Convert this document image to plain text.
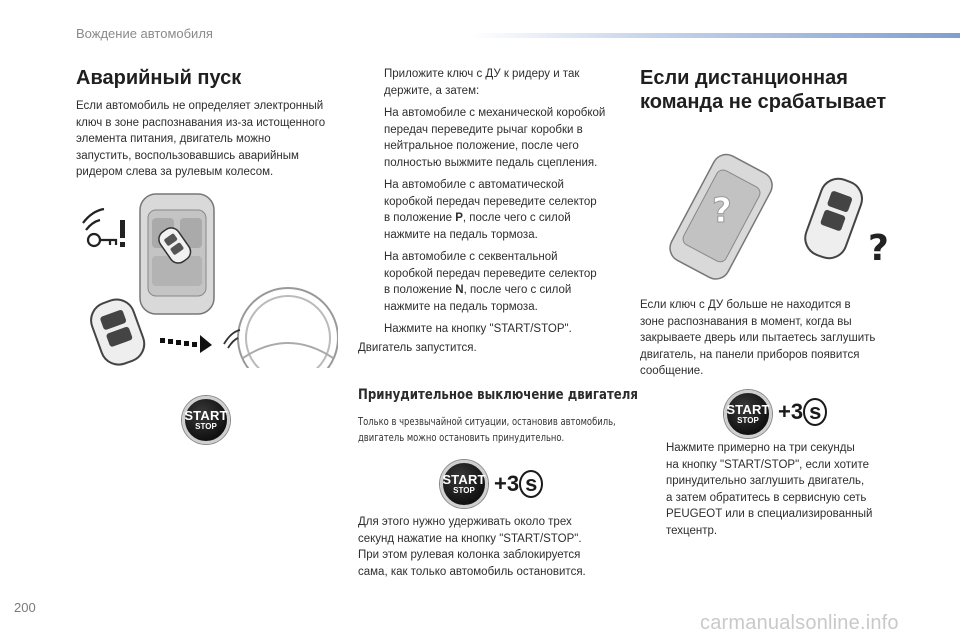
Вождение автомобиля
Аварийный пуск
Если автомобиль не определяет электронный
ключ в зоне распознавания из-за истощенного
элемента питания, двигатель можно
запустить, воспользовавшись аварийным
ридером слева за рулевым колесом.
START
STOP
Приложите ключ с ДУ к ридеру и так
держите, а затем:
На автомобиле с механической коробкой
передач переведите рычаг коробки в
нейтральное положение, после чего
полностью выжмите педаль сцепления.
На автомобиле с автоматической
коробкой передач переведите селектор
в положение P, после чего с силой
нажмите на педаль тормоза.
На автомобиле с секвентальной
коробкой передач переведите селектор
в положение N, после чего с силой
нажмите на педаль тормоза.
Нажмите на кнопку "START/STOP".
Двигатель запустится.
Принудительное выключение двигателя
Только в чрезвычайной ситуации, остановив автомобиль,
двигатель можно остановить принудительно.
START
STOP +3 s
Для этого нужно удерживать около трех
секунд нажатие на кнопку "START/STOP".
При этом рулевая колонка заблокируется
сама, как только автомобиль остановится.
Если дистанционная
команда не срабатывает
?
?
Если ключ с ДУ больше не находится в
зоне распознавания в момент, когда вы
закрываете дверь или пытаетесь заглушить
двигатель, на панели приборов появится
сообщение.
START
STOP +3 s
Нажмите примерно на три секунды
на кнопку "START/STOP", если хотите
принудительно заглушить двигатель,
а затем обратитесь в сервисную сеть
PEUGEOT или в специализированный
техцентр.
200
carmanualsonline.info
